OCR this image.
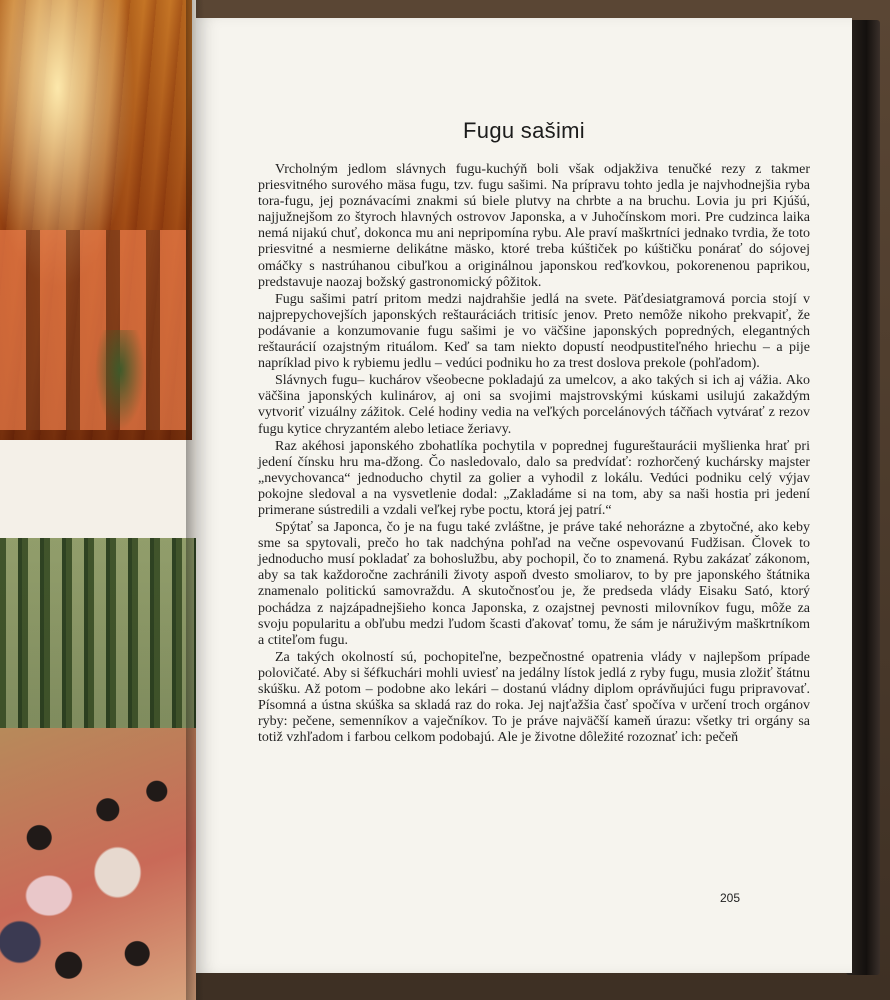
Fugu sašimi

Vrcholným jedlom slávnych fugu-kuchýň boli však odjakživa tenučké rezy z takmer priesvitného surového mäsa fugu, tzv. fugu sašimi. Na prípravu tohto jedla je najvhodnejšia ryba tora-fugu, jej poznávacími znakmi sú biele plutvy na chrbte a na bruchu. Lovia ju pri Kjúšú, najjužnejšom zo štyroch hlavných ostrovov Japonska, a v Juhočínskom mori. Pre cudzinca laika nemá nijakú chuť, dokonca mu ani nepripomína rybu. Ale praví maškrtníci jednako tvrdia, že toto priesvitné a nesmierne delikátne mäsko, ktoré treba kúštiček po kúštičku ponárať do sójovej omáčky s nastrúhanou cibuľkou a originálnou japonskou reďkovkou, pokorenenou paprikou, predstavuje naozaj božský gastronomický pôžitok.

Fugu sašimi patrí pritom medzi najdrahšie jedlá na svete. Päťdesiatgramová porcia stojí v najprepychovejších japonských reštauráciách tritisíc jenov. Preto nemôže nikoho prekvapiť, že podávanie a konzumovanie fugu sašimi je vo väčšine japonských popredných, elegantných reštaurácií ozajstným rituálom. Keď sa tam niekto dopustí neodpustiteľného hriechu – a pije napríklad pivo k rybiemu jedlu – vedúci podniku ho za trest doslova prekole (pohľadom).

Slávnych fugu– kuchárov všeobecne pokladajú za umelcov, a ako takých si ich aj vážia. Ako väčšina japonských kulinárov, aj oni sa svojimi majstrovskými kúskami usilujú zakaždým vytvoriť vizuálny zážitok. Celé hodiny vedia na veľkých porcelánových táčňach vytvárať z rezov fugu kytice chryzantém alebo letiace žeriavy.

Raz akéhosi japonského zbohatlíka pochytila v poprednej fugureštaurácii myšlienka hrať pri jedení čínsku hru ma-džong. Čo nasledovalo, dalo sa predvídať: rozhorčený kuchársky majster „nevychovanca“ jednoducho chytil za golier a vyhodil z lokálu. Vedúci podniku celý výjav pokojne sledoval a na vysvetlenie dodal: „Zakladáme si na tom, aby sa naši hostia pri jedení primerane sústredili a vzdali veľkej rybe poctu, ktorá jej patrí.“

Spýtať sa Japonca, čo je na fugu také zvláštne, je práve také nehorázne a zbytočné, ako keby sme sa spytovali, prečo ho tak nadchýna pohľad na večne ospevovanú Fudžisan. Človek to jednoducho musí pokladať za bohoslužbu, aby pochopil, čo to znamená. Rybu zakázať zákonom, aby sa tak každoročne zachránili životy aspoň dvesto smoliarov, to by pre japonského štátnika znamenalo politickú samovraždu. A skutočnosťou je, že predseda vlády Eisaku Sató, ktorý pochádza z najzápadnejšieho konca Japonska, z ozajstnej pevnosti milovníkov fugu, môže za svoju popularitu a obľubu medzi ľudom šcasti ďakovať tomu, že sám je náruživým maškrtníkom a ctiteľom fugu.

Za takých okolností sú, pochopiteľne, bezpečnostné opatrenia vlády v najlepšom prípade polovičaté. Aby si šéfkuchári mohli uviesť na jedálny lístok jedlá z ryby fugu, musia zložiť štátnu skúšku. Až potom – podobne ako lekári – dostanú vládny diplom oprávňujúci fugu pripravovať. Písomná a ústna skúška sa skladá raz do roka. Jej najťažšia časť spočíva v určení troch orgánov ryby: pečene, semenníkov a vaječníkov. To je práve najväčší kameň úrazu: všetky tri orgány sa totiž vzhľadom i farbou celkom podobajú. Ale je životne dôležité rozoznať ich: pečeň

205
